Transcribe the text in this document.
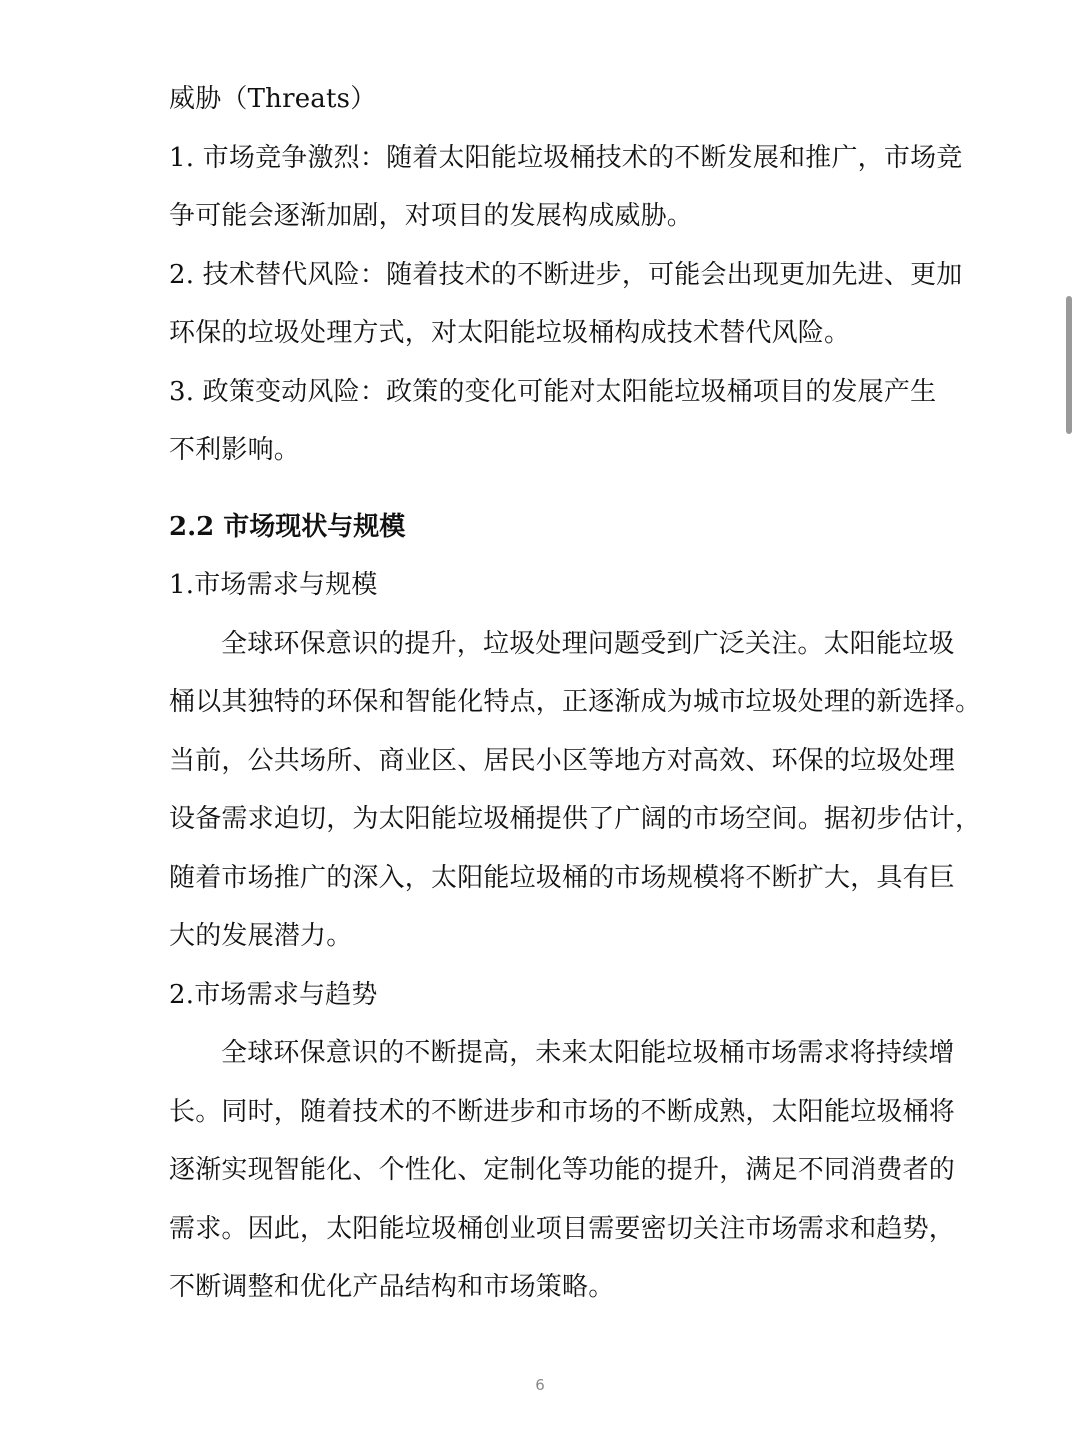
威胁（Threats）
1. 市场竞争激烈：随着太阳能垃圾桶技术的不断发展和推广，市场竞
争可能会逐渐加剧，对项目的发展构成威胁。
2. 技术替代风险：随着技术的不断进步，可能会出现更加先进、更加
环保的垃圾处理方式，对太阳能垃圾桶构成技术替代风险。
3. 政策变动风险：政策的变化可能对太阳能垃圾桶项目的发展产生
不利影响。
2.2 市场现状与规模
1.市场需求与规模
全球环保意识的提升，垃圾处理问题受到广泛关注。太阳能垃圾
桶以其独特的环保和智能化特点，正逐渐成为城市垃圾处理的新选择。
当前，公共场所、商业区、居民小区等地方对高效、环保的垃圾处理
设备需求迫切，为太阳能垃圾桶提供了广阔的市场空间。据初步估计，
随着市场推广的深入，太阳能垃圾桶的市场规模将不断扩大，具有巨
大的发展潜力。
2.市场需求与趋势
全球环保意识的不断提高，未来太阳能垃圾桶市场需求将持续增
长。同时，随着技术的不断进步和市场的不断成熟，太阳能垃圾桶将
逐渐实现智能化、个性化、定制化等功能的提升，满足不同消费者的
需求。因此，太阳能垃圾桶创业项目需要密切关注市场需求和趋势，
不断调整和优化产品结构和市场策略。
6
